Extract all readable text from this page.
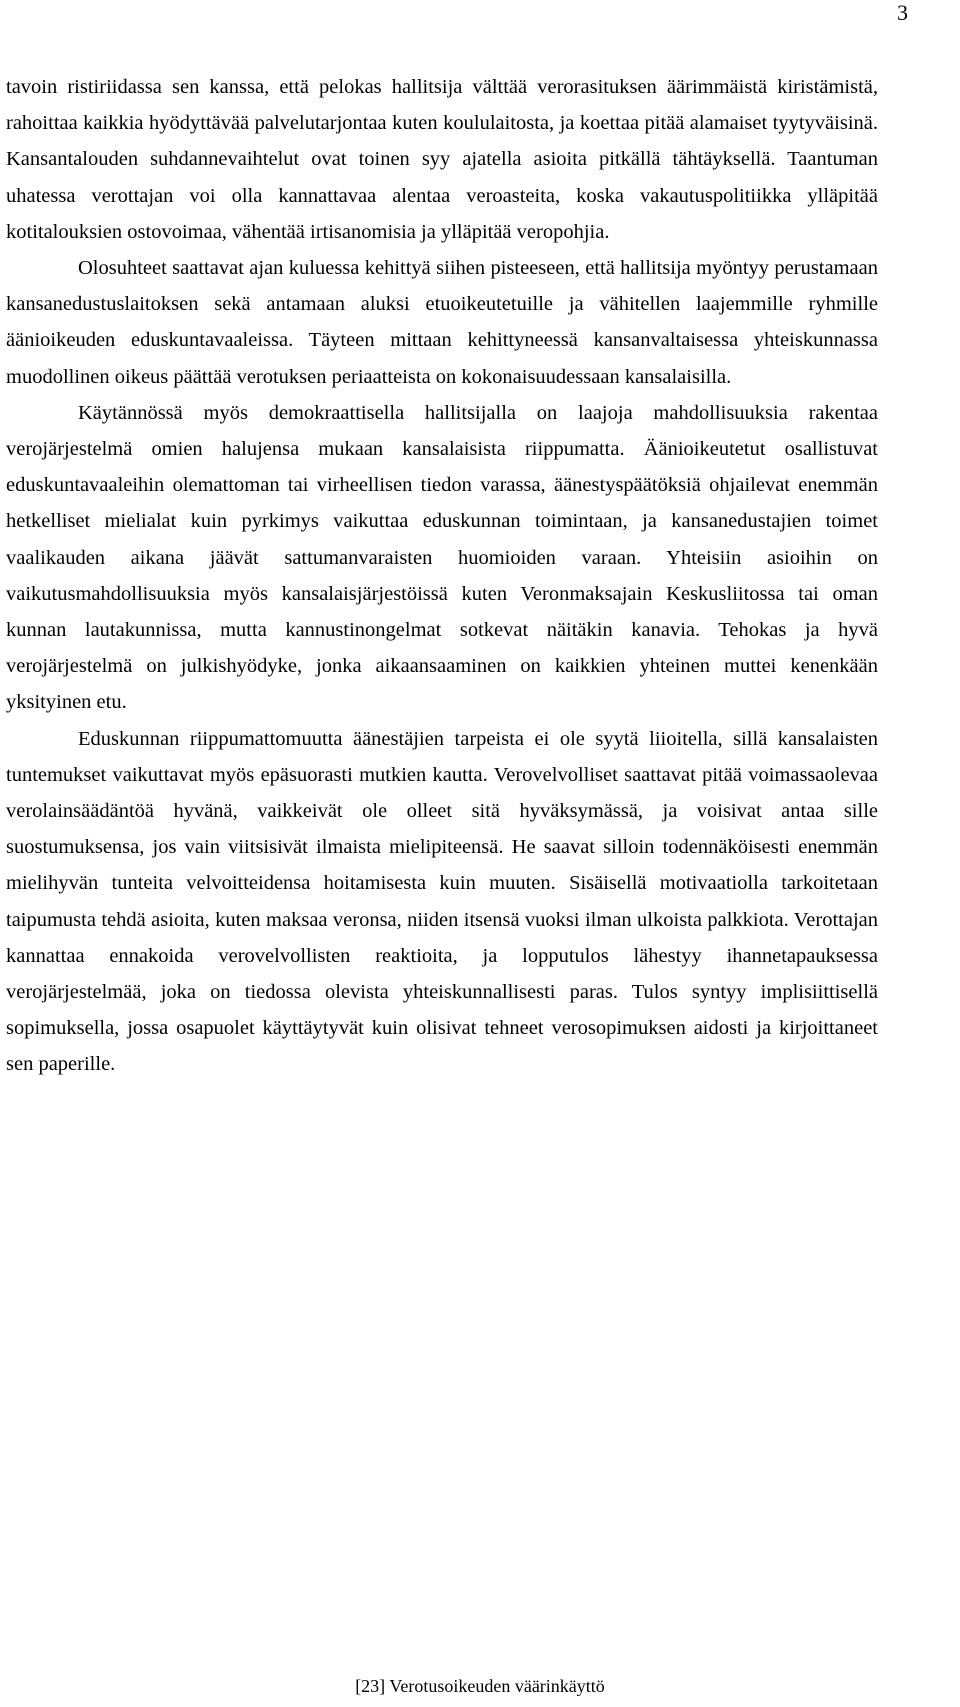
3

tavoin ristiriidassa sen kanssa, että pelokas hallitsija välttää verorasituksen äärimmäistä kiristämistä, rahoittaa kaikkia hyödyttävää palvelutarjontaa kuten koululaitosta, ja koettaa pitää alamaiset tyytyväisinä. Kansantalouden suhdannevaihtelut ovat toinen syy ajatella asioita pitkällä tähtäyksellä. Taantuman uhatessa verottajan voi olla kannattavaa alentaa veroasteita, koska vakautuspolitiikka ylläpitää kotitalouksien ostovoimaa, vähentää irtisanomisia ja ylläpitää veropohjia.

Olosuhteet saattavat ajan kuluessa kehittyä siihen pisteeseen, että hallitsija myöntyy perustamaan kansanedustuslaitoksen sekä antamaan aluksi etuoikeutetuille ja vähitellen laajemmille ryhmille äänioikeuden eduskuntavaaleissa. Täyteen mittaan kehittyneessä kansanvaltaisessa yhteiskunnassa muodollinen oikeus päättää verotuksen periaatteista on kokonaisuudessaan kansalaisilla.

Käytännössä myös demokraattisella hallitsijalla on laajoja mahdollisuuksia rakentaa verojärjestelmä omien halujensa mukaan kansalaisista riippumatta. Äänioikeutetut osallistuvat eduskuntavaaleihin olemattoman tai virheellisen tiedon varassa, äänestyspäätöksiä ohjailevat enemmän hetkelliset mielialat kuin pyrkimys vaikuttaa eduskunnan toimintaan, ja kansanedustajien toimet vaalikauden aikana jäävät sattumanvaraisten huomioiden varaan. Yhteisiin asioihin on vaikutusmahdollisuuksia myös kansalaisjärjestöissä kuten Veronmaksajain Keskusliitossa tai oman kunnan lautakunnissa, mutta kannustinongelmat sotkevat näitäkin kanavia. Tehokas ja hyvä verojärjestelmä on julkishyödyke, jonka aikaansaaminen on kaikkien yhteinen muttei kenenkään yksityinen etu.

Eduskunnan riippumattomuutta äänestäjien tarpeista ei ole syytä liioitella, sillä kansalaisten tuntemukset vaikuttavat myös epäsuorasti mutkien kautta. Verovelvolliset saattavat pitää voimassaolevaa verolainsäädäntöä hyvänä, vaikkeivät ole olleet sitä hyväksymässä, ja voisivat antaa sille suostumuksensa, jos vain viitsisivät ilmaista mielipiteensä. He saavat silloin todennäköisesti enemmän mielihyvän tunteita velvoitteidensa hoitamisesta kuin muuten. Sisäisellä motivaatiolla tarkoitetaan taipumusta tehdä asioita, kuten maksaa veronsa, niiden itsensä vuoksi ilman ulkoista palkkiota. Verottajan kannattaa ennakoida verovelvollisten reaktioita, ja lopputulos lähestyy ihannetapauksessa verojärjestelmää, joka on tiedossa olevista yhteiskunnallisesti paras. Tulos syntyy implisiittisellä sopimuksella, jossa osapuolet käyttäytyvät kuin olisivat tehneet verosopimuksen aidosti ja kirjoittaneet sen paperille.

[23] Verotusoikeuden väärinkäyttö
